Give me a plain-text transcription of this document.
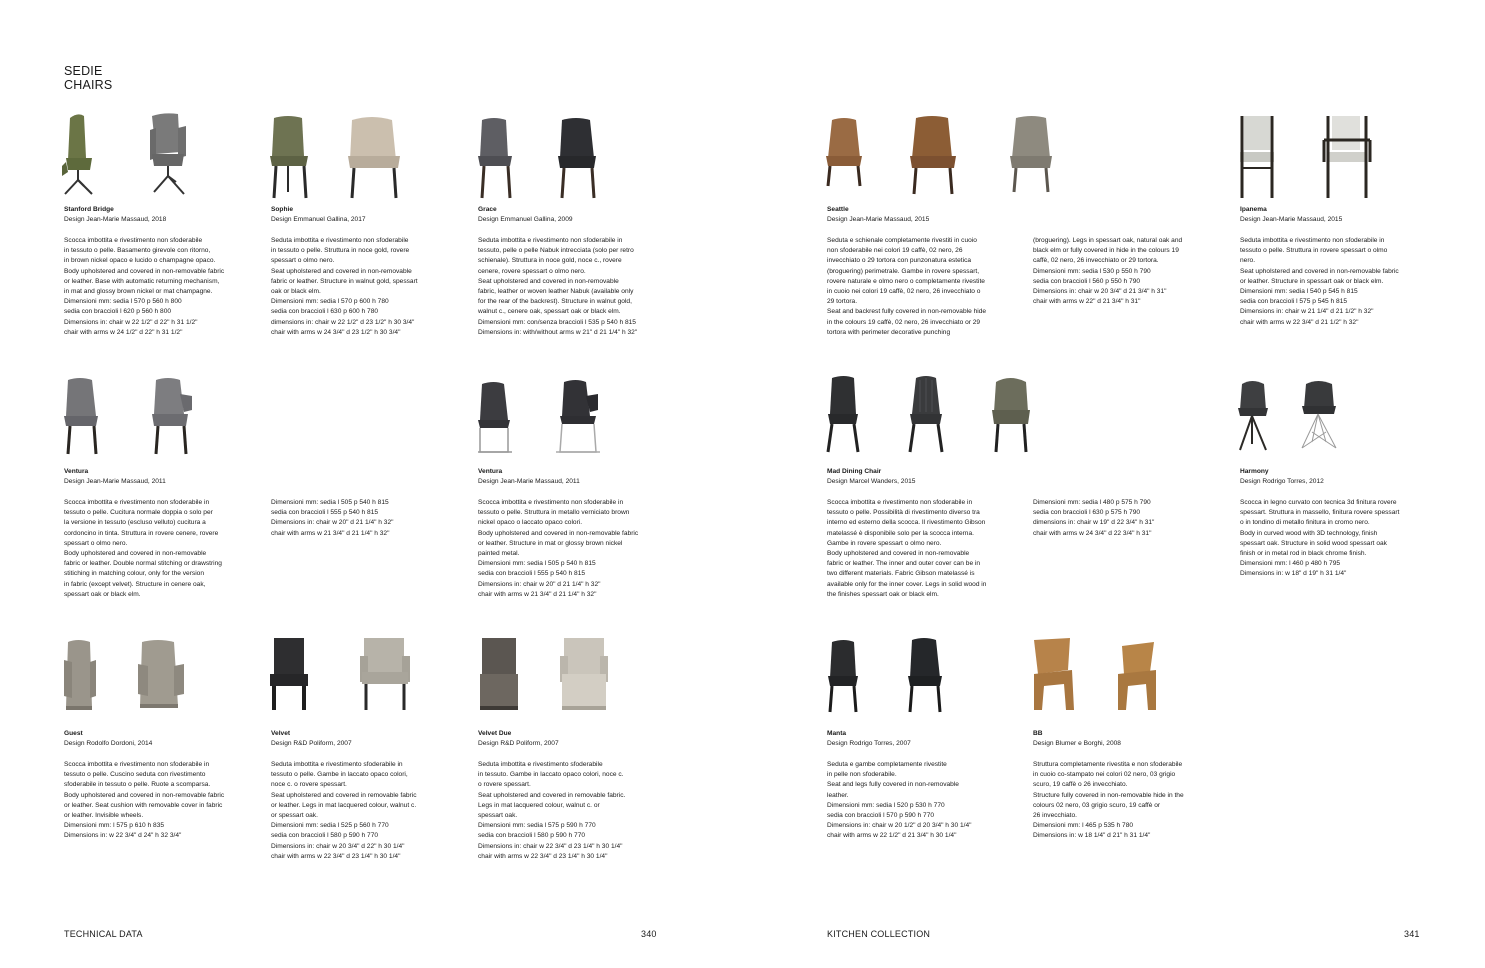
SEDIE
CHAIRS
Stanford Bridge
Design Jean-Marie Massaud, 2018
Scocca imbottita e rivestimento non sfoderabile
in tessuto o pelle. Basamento girevole con ritorno,
in brown nickel opaco e lucido o champagne opaco.
Body upholstered and covered in non-removable fabric
or leather. Base with automatic returning mechanism,
in mat and glossy brown nickel or mat champagne.
Dimensioni mm: sedia l 570 p 560 h 800
sedia con braccioli l 620 p 560 h 800
Dimensions in: chair w 22 1/2" d 22" h 31 1/2"
chair with arms w 24 1/2" d 22" h 31 1/2"
Sophie
Design Emmanuel Gallina, 2017
Seduta imbottita e rivestimento non sfoderabile
in tessuto o pelle. Struttura in noce gold, rovere
spessart o olmo nero.
Seat upholstered and covered in non-removable
fabric or leather. Structure in walnut gold, spessart
oak or black elm.
Dimensioni mm: sedia l 570 p 600 h 780
sedia con braccioli l 630 p 600 h 780
dimensions in: chair w 22 1/2" d 23 1/2" h 30 3/4"
chair with arms w 24 3/4" d 23 1/2" h 30 3/4"
Grace
Design Emmanuel Gallina, 2009
Seduta imbottita e rivestimento non sfoderabile in
tessuto, pelle o pelle Nabuk intrecciata (solo per retro
schienale). Struttura in noce gold, noce c., rovere
cenere, rovere spessart o olmo nero.
Seat upholstered and covered in non-removable
fabric, leather or woven leather Nabuk (available only
for the rear of the backrest). Structure in walnut gold,
walnut c., cenere oak, spessart oak or black elm.
Dimensioni mm: con/senza braccioli l 535 p 540 h 815
Dimensions in: with/without arms w 21" d 21 1/4" h 32"
Seattle
Design Jean-Marie Massaud, 2015
Seduta e schienale completamente rivestiti in cuoio
non sfoderabile nei colori 19 caffè, 02 nero, 26
invecchiato o 29 tortora con punzonatura estetica
(broguering) perimetrale. Gambe in rovere spessart,
rovere naturale e olmo nero o completamente rivestite
in cuoio nei colori 19 caffè, 02 nero, 26 invecchiato o
29 tortora.
Seat and backrest fully covered in non-removable hide
in the colours 19 caffè, 02 nero, 26 invecchiato or 29
tortora with perimeter decorative punching
(broguering). Legs in spessart oak, natural oak and
black elm or fully covered in hide in the colours 19
caffè, 02 nero, 26 invecchiato or 29 tortora.
Dimensioni mm: sedia l 530 p 550 h 790
sedia con braccioli l 560 p 550 h 790
Dimensions in: chair w 20 3/4" d 21 3/4" h 31"
chair with arms w 22" d 21 3/4" h 31"
Ipanema
Design Jean-Marie Massaud, 2015
Seduta imbottita e rivestimento non sfoderabile in
tessuto o pelle. Struttura in rovere spessart o olmo
nero.
Seat upholstered and covered in non-removable fabric
or leather. Structure in spessart oak or black elm.
Dimensioni mm: sedia l 540 p 545 h 815
sedia con braccioli l 575 p 545 h 815
Dimensions in: chair w 21 1/4" d 21 1/2" h 32"
chair with arms w 22 3/4" d 21 1/2" h 32"
Ventura
Design Jean-Marie Massaud, 2011
Scocca imbottita e rivestimento non sfoderabile in
tessuto o pelle. Cucitura normale doppia o solo per
la versione in tessuto (escluso velluto) cucitura a
cordoncino in tinta. Struttura in rovere cenere, rovere
spessart o olmo nero.
Body upholstered and covered in non-removable
fabric or leather. Double normal stitching or drawstring
stitiching in matching colour, only for the version
in fabric (except velvet). Structure in cenere oak,
spessart oak or black elm.
Dimensioni mm: sedia l 505 p 540 h 815
sedia con braccioli l 555 p 540 h 815
Dimensions in: chair w 20" d 21 1/4" h 32"
chair with arms w 21 3/4" d 21 1/4" h 32"
Ventura
Design Jean-Marie Massaud, 2011
Scocca imbottita e rivestimento non sfoderabile in
tessuto o pelle. Struttura in metallo verniciato brown
nickel opaco o laccato opaco colori.
Body upholstered and covered in non-removable fabric
or leather. Structure in mat or glossy brown nickel
painted metal.
Dimensioni mm: sedia l 505 p 540 h 815
sedia con braccioli l 555 p 540 h 815
Dimensions in: chair w 20" d 21 1/4" h 32"
chair with arms w 21 3/4" d 21 1/4" h 32"
Mad Dining Chair
Design Marcel Wanders, 2015
Scocca imbottita e rivestimento non sfoderabile in
tessuto o pelle. Possibilità di rivestimento diverso tra
interno ed esterno della scocca. Il rivestimento Gibson
matelassé è disponibile solo per la scocca interna.
Gambe in rovere spessart o olmo nero.
Body upholstered and covered in non-removable
fabric or leather. The inner and outer cover can be in
two different materials. Fabric Gibson matelassé is
available only for the inner cover. Legs in solid wood in
the finishes spessart oak or black elm.
Dimensioni mm: sedia l 480 p 575 h 790
sedia con braccioli l 630 p 575 h 790
dimensions in: chair w 19" d 22 3/4" h 31"
chair with arms w 24 3/4" d 22 3/4" h 31"
Harmony
Design Rodrigo Torres, 2012
Scocca in legno curvato con tecnica 3d finitura rovere
spessart. Struttura in massello, finitura rovere spessart
o in tondino di metallo finitura in cromo nero.
Body in curved wood with 3D technology, finish
spessart oak. Structure in solid wood spessart oak
finish or in metal rod in black chrome finish.
Dimensioni mm: l 460 p 480 h 795
Dimensions in: w 18" d 19" h 31 1/4"
Guest
Design Rodolfo Dordoni, 2014
Scocca imbottita e rivestimento non sfoderabile in
tessuto o pelle. Cuscino seduta con rivestimento
sfoderabile in tessuto o pelle. Ruote a scomparsa.
Body upholstered and covered in non-removable fabric
or leather. Seat cushion with removable cover in fabric
or leather. Invisible wheels.
Dimensioni mm: l 575 p 610 h 835
Dimensions in: w 22 3/4" d 24" h 32 3/4"
Velvet
Design R&D Poliform, 2007
Seduta imbottita e rivestimento sfoderabile in
tessuto o pelle. Gambe in laccato opaco colori,
noce c. o rovere spessart.
Seat upholstered and covered in removable fabric
or leather. Legs in mat lacquered colour, walnut c.
or spessart oak.
Dimensioni mm: sedia l 525 p 560 h 770
sedia con braccioli l 580 p 590 h 770
Dimensions in: chair w 20 3/4" d 22" h 30 1/4"
chair with arms w 22 3/4" d 23 1/4" h 30 1/4"
Velvet Due
Design R&D Poliform, 2007
Seduta imbottita e rivestimento sfoderabile
in tessuto. Gambe in laccato opaco colori, noce c.
o rovere spessart.
Seat upholstered and covered in removable fabric.
Legs in mat lacquered colour, walnut c. or
spessart oak.
Dimensioni mm: sedia l 575 p 590 h 770
sedia con braccioli l 580 p 590 h 770
Dimensions in: chair w 22 3/4" d 23 1/4" h 30 1/4"
chair with arms w 22 3/4" d 23 1/4" h 30 1/4"
Manta
Design Rodrigo Torres, 2007
Seduta e gambe completamente rivestite
in pelle non sfoderabile.
Seat and legs fully covered in non-removable
leather.
Dimensioni mm: sedia l 520 p 530 h 770
sedia con braccioli l 570 p 590 h 770
Dimensions in: chair w 20 1/2" d 20 3/4" h 30 1/4"
chair with arms w 22 1/2" d 21 3/4" h 30 1/4"
BB
Design Blumer e Borghi, 2008
Struttura completamente rivestita e non sfoderabile
in cuoio co-stampato nei colori 02 nero, 03 grigio
scuro, 19 caffè o 26 invecchiato.
Structure fully covered in non-removable hide in the
colours 02 nero, 03 grigio scuro, 19 caffè or
26 invecchiato.
Dimensioni mm: l 465 p 535 h 780
Dimensions in: w 18 1/4" d 21" h 31 1/4"
TECHNICAL DATA	340	KITCHEN COLLECTION	341
